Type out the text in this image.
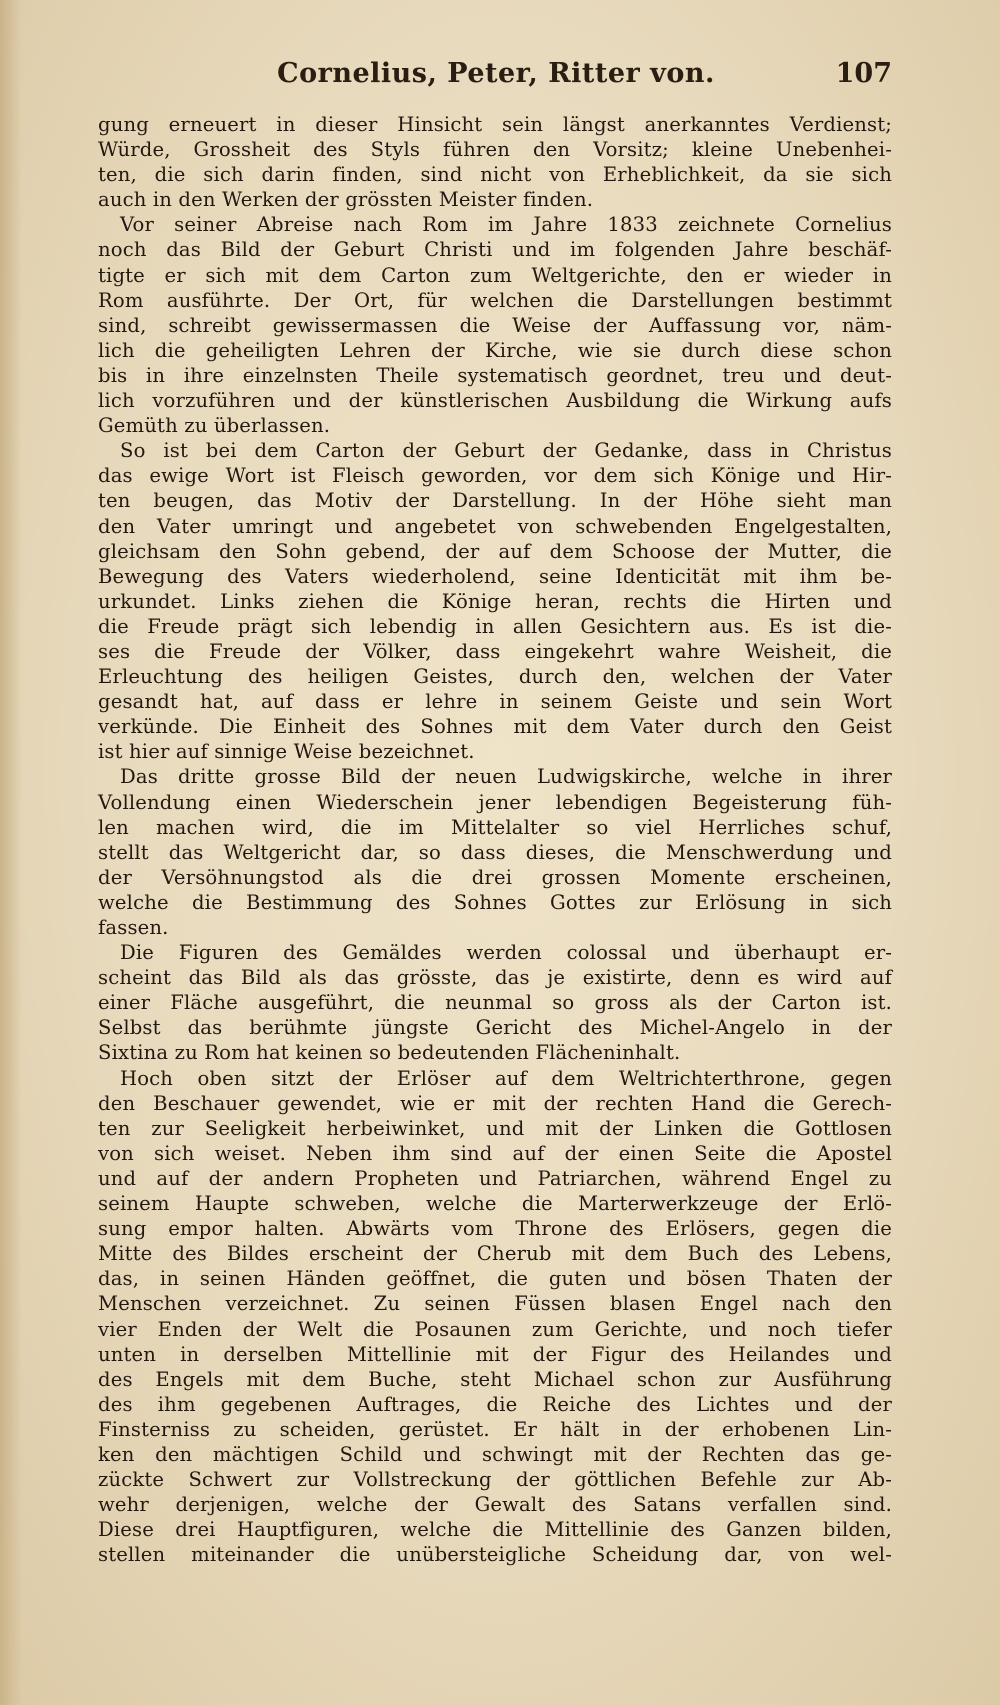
Cornelius, Peter, Ritter von.	107
gung erneuert in dieser Hinsicht sein längst anerkanntes Verdienst;
Würde, Grossheit des Styls führen den Vorsitz; kleine Unebenhei-
ten, die sich darin finden, sind nicht von Erheblichkeit, da sie sich
auch in den Werken der grössten Meister finden.
Vor seiner Abreise nach Rom im Jahre 1833 zeichnete Cornelius
noch das Bild der Geburt Christi und im folgenden Jahre beschäf-
tigte er sich mit dem Carton zum Weltgerichte, den er wieder in
Rom ausführte. Der Ort, für welchen die Darstellungen bestimmt
sind, schreibt gewissermassen die Weise der Auffassung vor, näm-
lich die geheiligten Lehren der Kirche, wie sie durch diese schon
bis in ihre einzelnsten Theile systematisch geordnet, treu und deut-
lich vorzuführen und der künstlerischen Ausbildung die Wirkung aufs
Gemüth zu überlassen.
So ist bei dem Carton der Geburt der Gedanke, dass in Christus
das ewige Wort ist Fleisch geworden, vor dem sich Könige und Hir-
ten beugen, das Motiv der Darstellung. In der Höhe sieht man
den Vater umringt und angebetet von schwebenden Engelgestalten,
gleichsam den Sohn gebend, der auf dem Schoose der Mutter, die
Bewegung des Vaters wiederholend, seine Identicität mit ihm be-
urkundet. Links ziehen die Könige heran, rechts die Hirten und
die Freude prägt sich lebendig in allen Gesichtern aus. Es ist die-
ses die Freude der Völker, dass eingekehrt wahre Weisheit, die
Erleuchtung des heiligen Geistes, durch den, welchen der Vater
gesandt hat, auf dass er lehre in seinem Geiste und sein Wort
verkünde. Die Einheit des Sohnes mit dem Vater durch den Geist
ist hier auf sinnige Weise bezeichnet.
Das dritte grosse Bild der neuen Ludwigskirche, welche in ihrer
Vollendung einen Wiederschein jener lebendigen Begeisterung füh-
len machen wird, die im Mittelalter so viel Herrliches schuf,
stellt das Weltgericht dar, so dass dieses, die Menschwerdung und
der Versöhnungstod als die drei grossen Momente erscheinen,
welche die Bestimmung des Sohnes Gottes zur Erlösung in sich
fassen.
Die Figuren des Gemäldes werden colossal und überhaupt er-
scheint das Bild als das grösste, das je existirte, denn es wird auf
einer Fläche ausgeführt, die neunmal so gross als der Carton ist.
Selbst das berühmte jüngste Gericht des Michel-Angelo in der
Sixtina zu Rom hat keinen so bedeutenden Flächeninhalt.
Hoch oben sitzt der Erlöser auf dem Weltrichterthrone, gegen
den Beschauer gewendet, wie er mit der rechten Hand die Gerech-
ten zur Seeligkeit herbeiwinket, und mit der Linken die Gottlosen
von sich weiset. Neben ihm sind auf der einen Seite die Apostel
und auf der andern Propheten und Patriarchen, während Engel zu
seinem Haupte schweben, welche die Marterwerkzeuge der Erlö-
sung empor halten. Abwärts vom Throne des Erlösers, gegen die
Mitte des Bildes erscheint der Cherub mit dem Buch des Lebens,
das, in seinen Händen geöffnet, die guten und bösen Thaten der
Menschen verzeichnet. Zu seinen Füssen blasen Engel nach den
vier Enden der Welt die Posaunen zum Gerichte, und noch tiefer
unten in derselben Mittellinie mit der Figur des Heilandes und
des Engels mit dem Buche, steht Michael schon zur Ausführung
des ihm gegebenen Auftrages, die Reiche des Lichtes und der
Finsterniss zu scheiden, gerüstet. Er hält in der erhobenen Lin-
ken den mächtigen Schild und schwingt mit der Rechten das ge-
zückte Schwert zur Vollstreckung der göttlichen Befehle zur Ab-
wehr derjenigen, welche der Gewalt des Satans verfallen sind.
Diese drei Hauptfiguren, welche die Mittellinie des Ganzen bilden,
stellen miteinander die unübersteigliche Scheidung dar, von wel-
